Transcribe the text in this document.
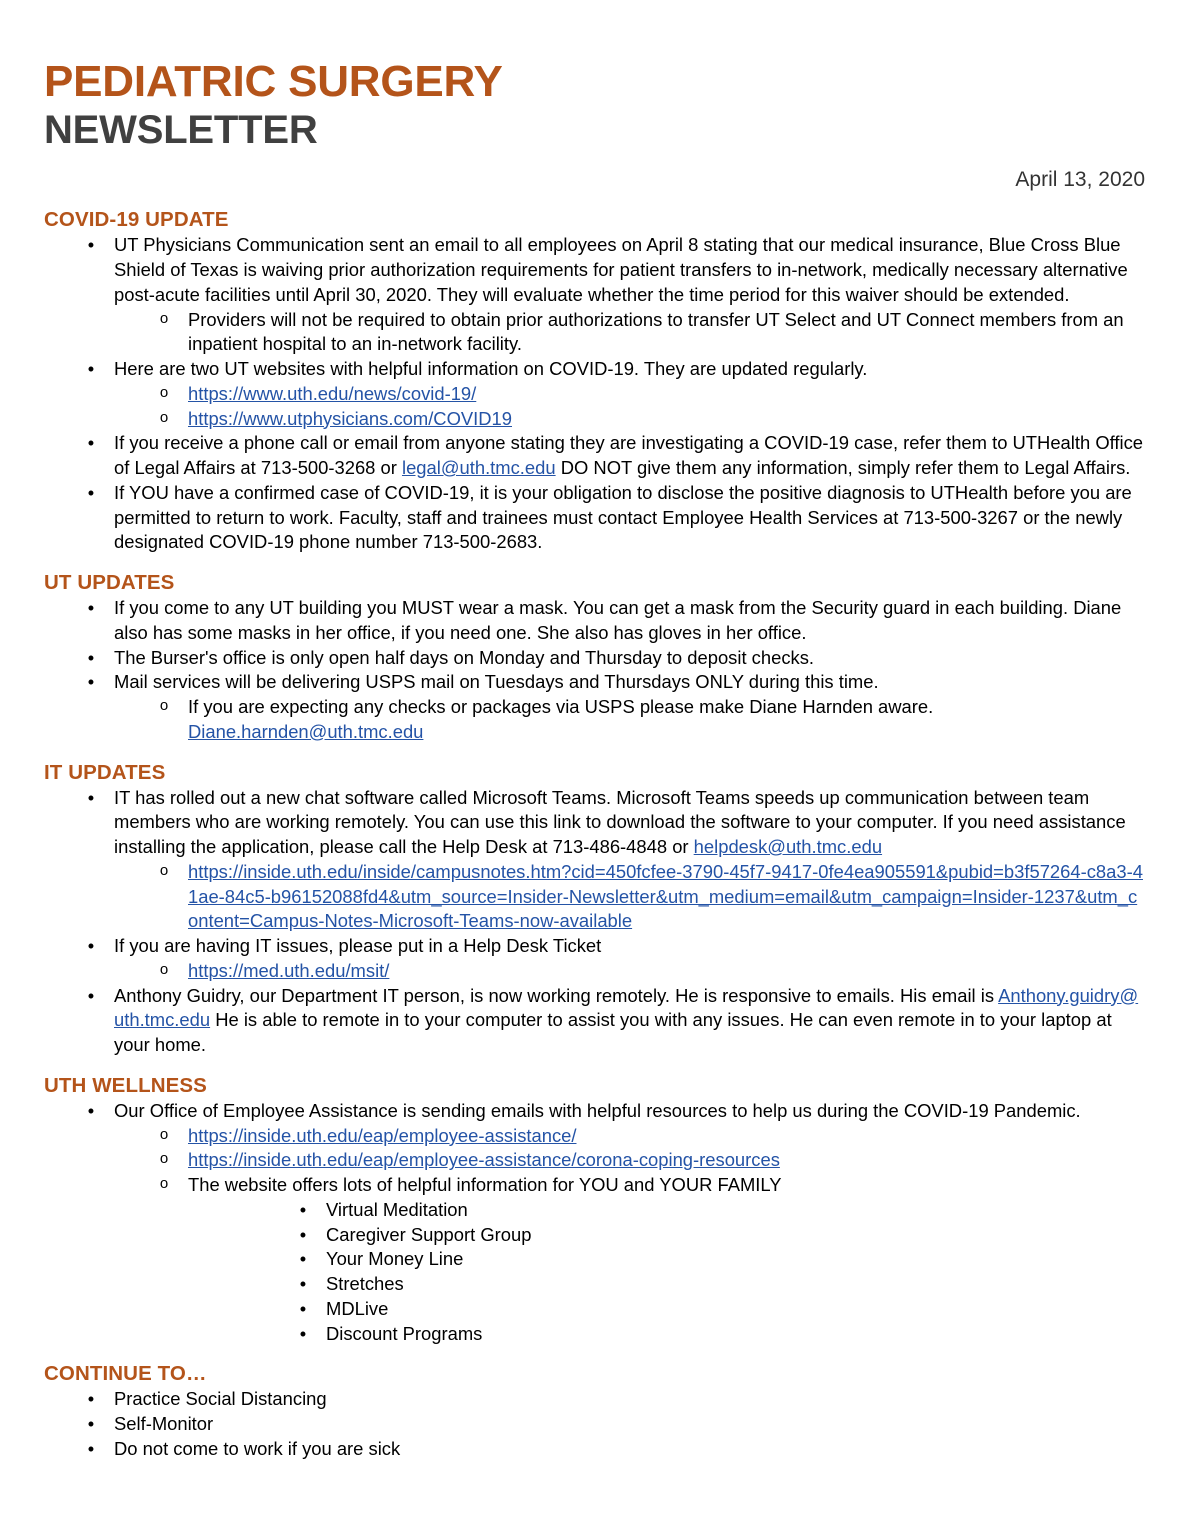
PEDIATRIC SURGERY
NEWSLETTER
April 13, 2020
COVID-19 UPDATE
• UT Physicians Communication sent an email to all employees on April 8 stating that our medical insurance, Blue Cross Blue Shield of Texas is waiving prior authorization requirements for patient transfers to in-network, medically necessary alternative post-acute facilities until April 30, 2020. They will evaluate whether the time period for this waiver should be extended.
o Providers will not be required to obtain prior authorizations to transfer UT Select and UT Connect members from an inpatient hospital to an in-network facility.
• Here are two UT websites with helpful information on COVID-19. They are updated regularly.
o https://www.uth.edu/news/covid-19/
o https://www.utphysicians.com/COVID19
• If you receive a phone call or email from anyone stating they are investigating a COVID-19 case, refer them to UTHealth Office of Legal Affairs at 713-500-3268 or legal@uth.tmc.edu DO NOT give them any information, simply refer them to Legal Affairs.
• If YOU have a confirmed case of COVID-19, it is your obligation to disclose the positive diagnosis to UTHealth before you are permitted to return to work. Faculty, staff and trainees must contact Employee Health Services at 713-500-3267 or the newly designated COVID-19 phone number 713-500-2683.
UT UPDATES
• If you come to any UT building you MUST wear a mask. You can get a mask from the Security guard in each building. Diane also has some masks in her office, if you need one. She also has gloves in her office.
• The Burser's office is only open half days on Monday and Thursday to deposit checks.
• Mail services will be delivering USPS mail on Tuesdays and Thursdays ONLY during this time.
o If you are expecting any checks or packages via USPS please make Diane Harnden aware.
Diane.harnden@uth.tmc.edu
IT UPDATES
• IT has rolled out a new chat software called Microsoft Teams. Microsoft Teams speeds up communication between team members who are working remotely. You can use this link to download the software to your computer. If you need assistance installing the application, please call the Help Desk at 713-486-4848 or helpdesk@uth.tmc.edu
o https://inside.uth.edu/inside/campusnotes.htm?cid=450fcfee-3790-45f7-9417-0fe4ea905591&pubid=b3f57264-c8a3-41ae-84c5-b96152088fd4&utm_source=Insider-Newsletter&utm_medium=email&utm_campaign=Insider-1237&utm_content=Campus-Notes-Microsoft-Teams-now-available
• If you are having IT issues, please put in a Help Desk Ticket
o https://med.uth.edu/msit/
• Anthony Guidry, our Department IT person, is now working remotely. He is responsive to emails. His email is Anthony.guidry@uth.tmc.edu He is able to remote in to your computer to assist you with any issues. He can even remote in to your laptop at your home.
UTH WELLNESS
• Our Office of Employee Assistance is sending emails with helpful resources to help us during the COVID-19 Pandemic.
o https://inside.uth.edu/eap/employee-assistance/
o https://inside.uth.edu/eap/employee-assistance/corona-coping-resources
o The website offers lots of helpful information for YOU and YOUR FAMILY
• Virtual Meditation
• Caregiver Support Group
• Your Money Line
• Stretches
• MDLive
• Discount Programs
CONTINUE TO…
• Practice Social Distancing
• Self-Monitor
• Do not come to work if you are sick
